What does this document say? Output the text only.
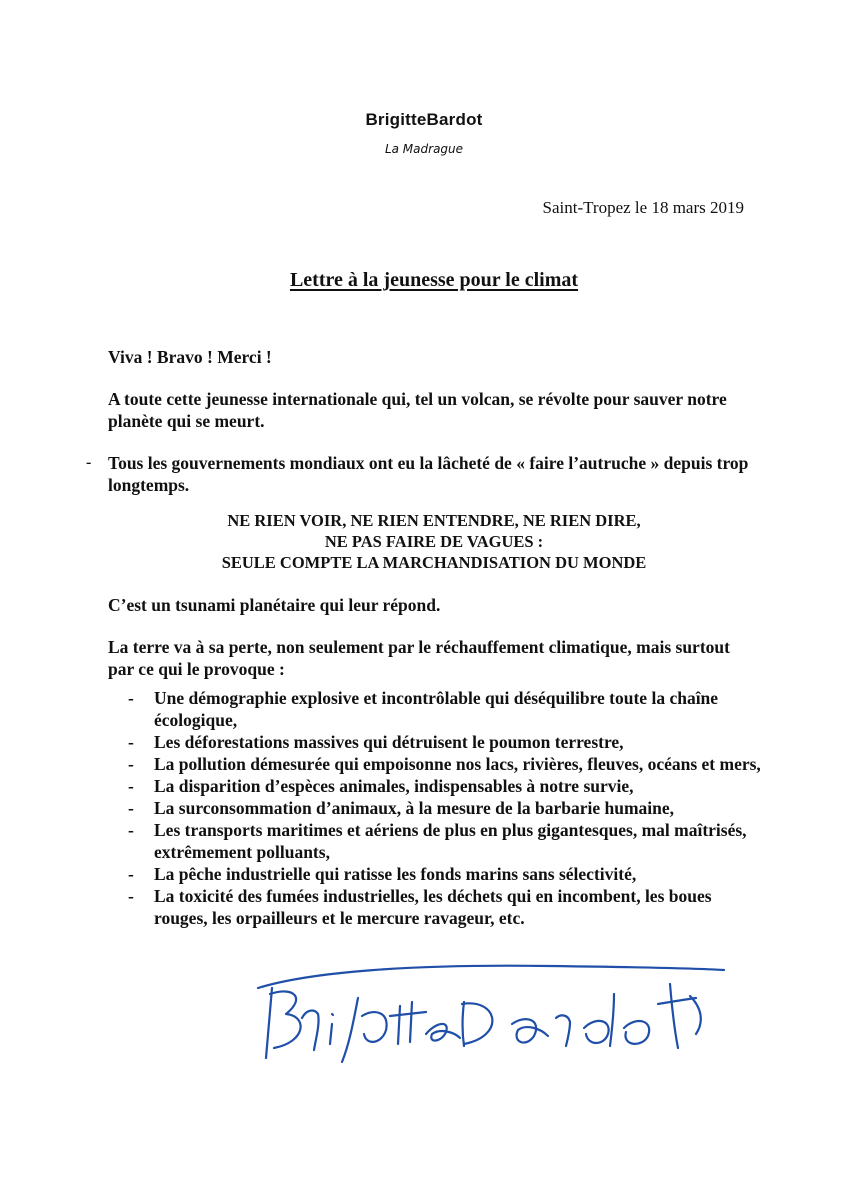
BrigitteBardot
La Madrague
Saint-Tropez le 18 mars 2019
Lettre à la jeunesse pour le climat

Viva ! Bravo ! Merci !

A toute cette jeunesse internationale qui, tel un volcan, se révolte pour sauver notre planète qui se meurt.

- Tous les gouvernements mondiaux ont eu la lâcheté de « faire l’autruche » depuis trop longtemps.

NE RIEN VOIR, NE RIEN ENTENDRE, NE RIEN DIRE,
NE PAS FAIRE DE VAGUES :
SEULE COMPTE LA MARCHANDISATION DU MONDE

C’est un tsunami planétaire qui leur répond.

La terre va à sa perte, non seulement par le réchauffement climatique, mais surtout par ce qui le provoque :

- Une démographie explosive et incontrôlable qui déséquilibre toute la chaîne écologique,
- Les déforestations massives qui détruisent le poumon terrestre,
- La pollution démesurée qui empoisonne nos lacs, rivières, fleuves, océans et mers,
- La disparition d’espèces animales, indispensables à notre survie,
- La surconsommation d’animaux, à la mesure de la barbarie humaine,
- Les transports maritimes et aériens de plus en plus gigantesques, mal maîtrisés, extrêmement polluants,
- La pêche industrielle qui ratisse les fonds marins sans sélectivité,
- La toxicité des fumées industrielles, les déchets qui en incombent, les boues rouges, les orpailleurs et le mercure ravageur, etc.
